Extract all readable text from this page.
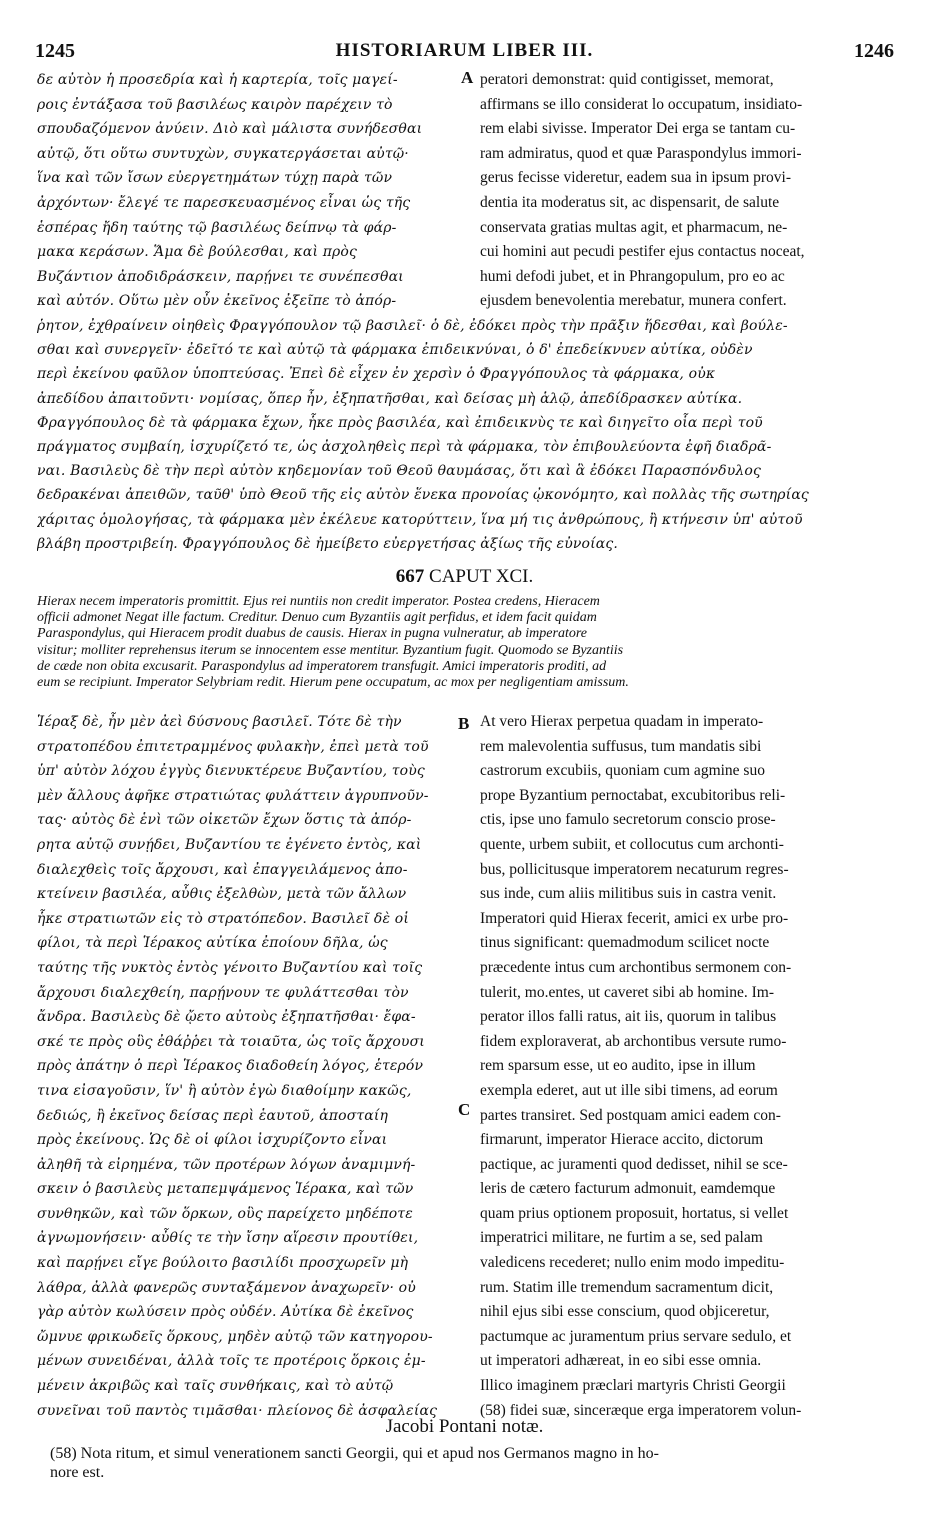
1245	HISTORIARUM LIBER III.	1246
δε αὐτὸν ἡ προσεδρία καὶ ἡ καρτερία, τοῖς μαγεί-
ροις ἐντάξασα τοῦ βασιλέως καιρὸν παρέχειν τὸ
σπουδαζόμενον ἀνύειν. Διὸ καὶ μάλιστα συνήδεσθαι
αὐτῷ, ὅτι οὕτω συντυχὼν, συγκατεργάσεται αὐτῷ·
ἵνα καὶ τῶν ἴσων εὐεργετημάτων τύχῃ παρὰ τῶν
ἀρχόντων· ἔλεγέ τε παρεσκευασμένος εἶναι ὡς τῆς
ἑσπέρας ἤδη ταύτης τῷ βασιλέως δείπνῳ τὰ φάρ-
μακα κεράσων. Ἅμα δὲ βούλεσθαι, καὶ πρὸς
Βυζάντιον ἀποδιδράσκειν, παρῄνει τε συνέπεσθαι
καὶ αὐτόν. Οὕτω μὲν οὖν ἐκεῖνος ἐξεῖπε τὸ ἀπόρ-
A peratori demonstrat: quid contigisset, memorat,
affirmans se illo considerat lo occupatum, insidiato-
rem elabi sivisse. Imperator Dei erga se tantam cu-
ram admiratus, quod et quæ Paraspondylus immori-
gerus fecisse videretur, eadem sua in ipsum provi-
dentia ita moderatus sit, ac dispensarit, de salute
conservata gratias multas agit, et pharmacum, ne-
cui homini aut pecudi pestifer ejus contactus noceat,
humi defodi jubet, et in Phrangopulum, pro eo ac
ejusdem benevolentia merebatur, munera confert.
ῥητον, ἐχθραίνειν οἰηθεὶς Φραγγόπουλον τῷ βασιλεῖ· ὁ δὲ, ἐδόκει πρὸς τὴν πρᾶξιν ἥδεσθαι, καὶ βούλε-
σθαι καὶ συνεργεῖν· ἐδεῖτό τε καὶ αὐτῷ τὰ φάρμακα ἐπιδεικνύναι, ὁ δ' ἐπεδείκνυεν αὐτίκα, οὐδὲν
περὶ ἐκείνου φαῦλον ὑποπτεύσας. Ἐπεὶ δὲ εἶχεν ἐν χερσὶν ὁ Φραγγόπουλος τὰ φάρμακα, οὐκ
ἀπεδίδου ἀπαιτοῦντι· νομίσας, ὅπερ ἦν, ἐξηπατῆσθαι, καὶ δείσας μὴ ἁλῷ, ἀπεδίδρασκεν αὐτίκα.
Φραγγόπουλος δὲ τὰ φάρμακα ἔχων, ἧκε πρὸς βασιλέα, καὶ ἐπιδεικνὺς τε καὶ διηγεῖτο οἷα περὶ τοῦ
πράγματος συμβαίη, ἰσχυρίζετό τε, ὡς ἀσχοληθεὶς περὶ τὰ φάρμακα, τὸν ἐπιβουλεύοντα ἐφῆ διαδρᾶ-
ναι. Βασιλεὺς δὲ τὴν περὶ αὐτὸν κηδεμονίαν τοῦ Θεοῦ θαυμάσας, ὅτι καὶ ἃ ἐδόκει Παρασπόνδυλος
δεδρακέναι ἀπειθῶν, ταῦθ' ὑπὸ Θεοῦ τῆς εἰς αὐτὸν ἕνεκα προνοίας ᾠκονόμητο, καὶ πολλὰς τῆς σωτηρίας
χάριτας ὁμολογήσας, τὰ φάρμακα μὲν ἐκέλευε κατορύττειν, ἵνα μή τις ἀνθρώπους, ἢ κτήνεσιν ὑπ' αὐτοῦ
βλάβη προστριβείη. Φραγγόπουλος δὲ ἠμείβετο εὐεργετήσας ἀξίως τῆς εὐνοίας.
667 CAPUT XCI.
Hierax necem imperatoris promittit. Ejus rei nuntiis non credit imperator. Postea credens, Hieracem
officii admonet Negat ille factum. Creditur. Denuo cum Byzantiis agit perfidus, et idem facit quidam
Paraspondylus, qui Hieracem prodit duabus de causis. Hierax in pugna vulneratur, ab imperatore
visitur; molliter reprehensus iterum se innocentem esse mentitur. Byzantium fugit. Quomodo se Byzantiis
de cæde non obita excusarit. Paraspondylus ad imperatorem transfugit. Amici imperatoris proditi, ad
eum se recipiunt. Imperator Selybriam redit. Hierum pene occupatum, ac mox per negligentiam amissum.
Ἱέραξ δὲ, ἦν μὲν ἀεὶ δύσνους βασιλεῖ. Τότε δὲ τὴν
στρατοπέδου ἐπιτετραμμένος φυλακὴν, ἐπεὶ μετὰ τοῦ
ὑπ' αὐτὸν λόχου ἐγγὺς διενυκτέρευε Βυζαντίου, τοὺς
μὲν ἄλλους ἀφῆκε στρατιώτας φυλάττειν ἀγρυπνοῦν-
τας· αὐτὸς δὲ ἑνὶ τῶν οἰκετῶν ἔχων ὅστις τὰ ἀπόρ-
ρητα αὐτῷ συνῄδει, Βυζαντίου τε ἐγένετο ἐντὸς, καὶ
διαλεχθεὶς τοῖς ἄρχουσι, καὶ ἐπαγγειλάμενος ἀπο-
κτείνειν βασιλέα, αὖθις ἐξελθὼν, μετὰ τῶν ἄλλων
ἧκε στρατιωτῶν εἰς τὸ στρατόπεδον. Βασιλεῖ δὲ οἱ
φίλοι, τὰ περὶ Ἱέρακος αὐτίκα ἐποίουν δῆλα, ὡς
ταύτης τῆς νυκτὸς ἐντὸς γένοιτο Βυζαντίου καὶ τοῖς
ἄρχουσι διαλεχθείη, παρῄνουν τε φυλάττεσθαι τὸν
ἄνδρα. Βασιλεὺς δὲ ᾤετο αὐτοὺς ἐξηπατῆσθαι· ἔφα-
σκέ τε πρὸς οὓς ἐθάῤῥει τὰ τοιαῦτα, ὡς τοῖς ἄρχουσι
πρὸς ἀπάτην ὁ περὶ Ἱέρακος διαδοθείη λόγος, ἑτερόν
τινα εἰσαγοῦσιν, ἵν' ἢ αὐτὸν ἐγὼ διαθοίμην κακῶς,
δεδιώς, ἢ ἐκεῖνος δείσας περὶ ἑαυτοῦ, ἀποσταίη
πρὸς ἐκείνους. Ὡς δὲ οἱ φίλοι ἰσχυρίζοντο εἶναι
ἀληθῆ τὰ εἰρημένα, τῶν προτέρων λόγων ἀναμιμνή-
σκειν ὁ βασιλεὺς μεταπεμψάμενος Ἱέρακα, καὶ τῶν
συνθηκῶν, καὶ τῶν ὅρκων, οὓς παρείχετο μηδέποτε
ἀγνωμονήσειν· αὖθίς τε τὴν ἴσην αἵρεσιν προυτίθει,
καὶ παρῄνει εἴγε βούλοιτο βασιλίδι προσχωρεῖν μὴ
λάθρα, ἀλλὰ φανερῶς συνταξάμενον ἀναχωρεῖν· οὐ
γὰρ αὐτὸν κωλύσειν πρὸς οὐδέν. Αὐτίκα δὲ ἐκεῖνος
ὤμνυε φρικωδεῖς ὅρκους, μηδὲν αὐτῷ τῶν κατηγορου-
μένων συνειδέναι, ἀλλὰ τοῖς τε προτέροις ὅρκοις ἐμ-
μένειν ἀκριβῶς καὶ ταῖς συνθήκαις, καὶ τὸ αὐτῷ
συνεῖναι τοῦ παντὸς τιμᾶσθαι· πλείονος δὲ ἀσφαλείας
B
C
At vero Hierax perpetua quadam in imperato-
rem malevolentia suffusus, tum mandatis sibi
castrorum excubiis, quoniam cum agmine suo
prope Byzantium pernoctabat, excubitoribus reli-
ctis, ipse uno famulo secretorum conscio prose-
quente, urbem subiit, et collocutus cum archonti-
bus, pollicitusque imperatorem necaturum regres-
sus inde, cum aliis militibus suis in castra venit.
Imperatori quid Hierax fecerit, amici ex urbe pro-
tinus significant: quemadmodum scilicet nocte
præcedente intus cum archontibus sermonem con-
tulerit, mo.entes, ut caveret sibi ab homine. Im-
perator illos falli ratus, ait iis, quorum in talibus
fidem exploraverat, ab archontibus versute rumo-
rem sparsum esse, ut eo audito, ipse in illum
exempla ederet, aut ut ille sibi timens, ad eorum
partes transiret. Sed postquam amici eadem con-
firmarunt, imperator Hierace accito, dictorum
pactique, ac juramenti quod dedisset, nihil se sce-
leris de cætero facturum admonuit, eamdemque
quam prius optionem proposuit, hortatus, si vellet
imperatrici militare, ne furtim a se, sed palam
valedicens recederet; nullo enim modo impeditu-
rum. Statim ille tremendum sacramentum dicit,
nihil ejus sibi esse conscium, quod objiceretur,
pactumque ac juramentum prius servare sedulo, et
ut imperatori adhæreat, in eo sibi esse omnia.
Illico imaginem præclari martyris Christi Georgii
(58) fidei suæ, sinceræque erga imperatorem volun-
Jacobi Pontani notæ.
(58) Nota ritum, et simul venerationem sancti Georgii, qui et apud nos Germanos magno in ho-
nore est.
